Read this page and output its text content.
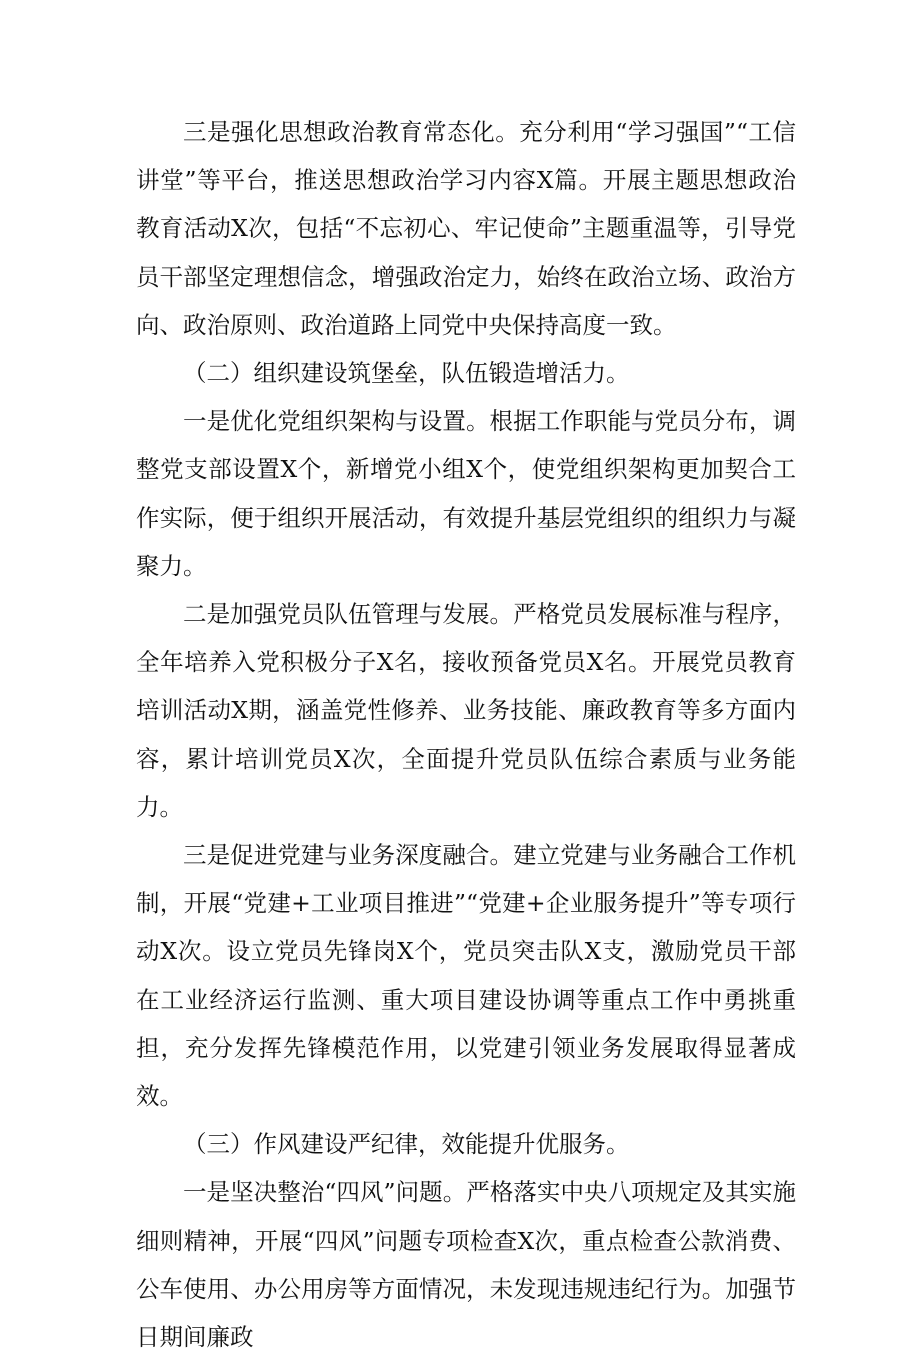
三是强化思想政治教育常态化。充分利用“学习强国”“工信讲堂”等平台，推送思想政治学习内容X篇。开展主题思想政治教育活动X次，包括“不忘初心、牢记使命”主题重温等，引导党员干部坚定理想信念，增强政治定力，始终在政治立场、政治方向、政治原则、政治道路上同党中央保持高度一致。

（二）组织建设筑堡垒，队伍锻造增活力。

一是优化党组织架构与设置。根据工作职能与党员分布，调整党支部设置X个，新增党小组X个，使党组织架构更加契合工作实际，便于组织开展活动，有效提升基层党组织的组织力与凝聚力。

二是加强党员队伍管理与发展。严格党员发展标准与程序，全年培养入党积极分子X名，接收预备党员X名。开展党员教育培训活动X期，涵盖党性修养、业务技能、廉政教育等多方面内容，累计培训党员X次，全面提升党员队伍综合素质与业务能力。

三是促进党建与业务深度融合。建立党建与业务融合工作机制，开展“党建+工业项目推进”“党建+企业服务提升”等专项行动X次。设立党员先锋岗X个，党员突击队X支，激励党员干部在工业经济运行监测、重大项目建设协调等重点工作中勇挑重担，充分发挥先锋模范作用，以党建引领业务发展取得显著成效。

（三）作风建设严纪律，效能提升优服务。

一是坚决整治“四风”问题。严格落实中央八项规定及其实施细则精神，开展“四风”问题专项检查X次，重点检查公款消费、公车使用、办公用房等方面情况，未发现违规违纪行为。加强节日期间廉政
